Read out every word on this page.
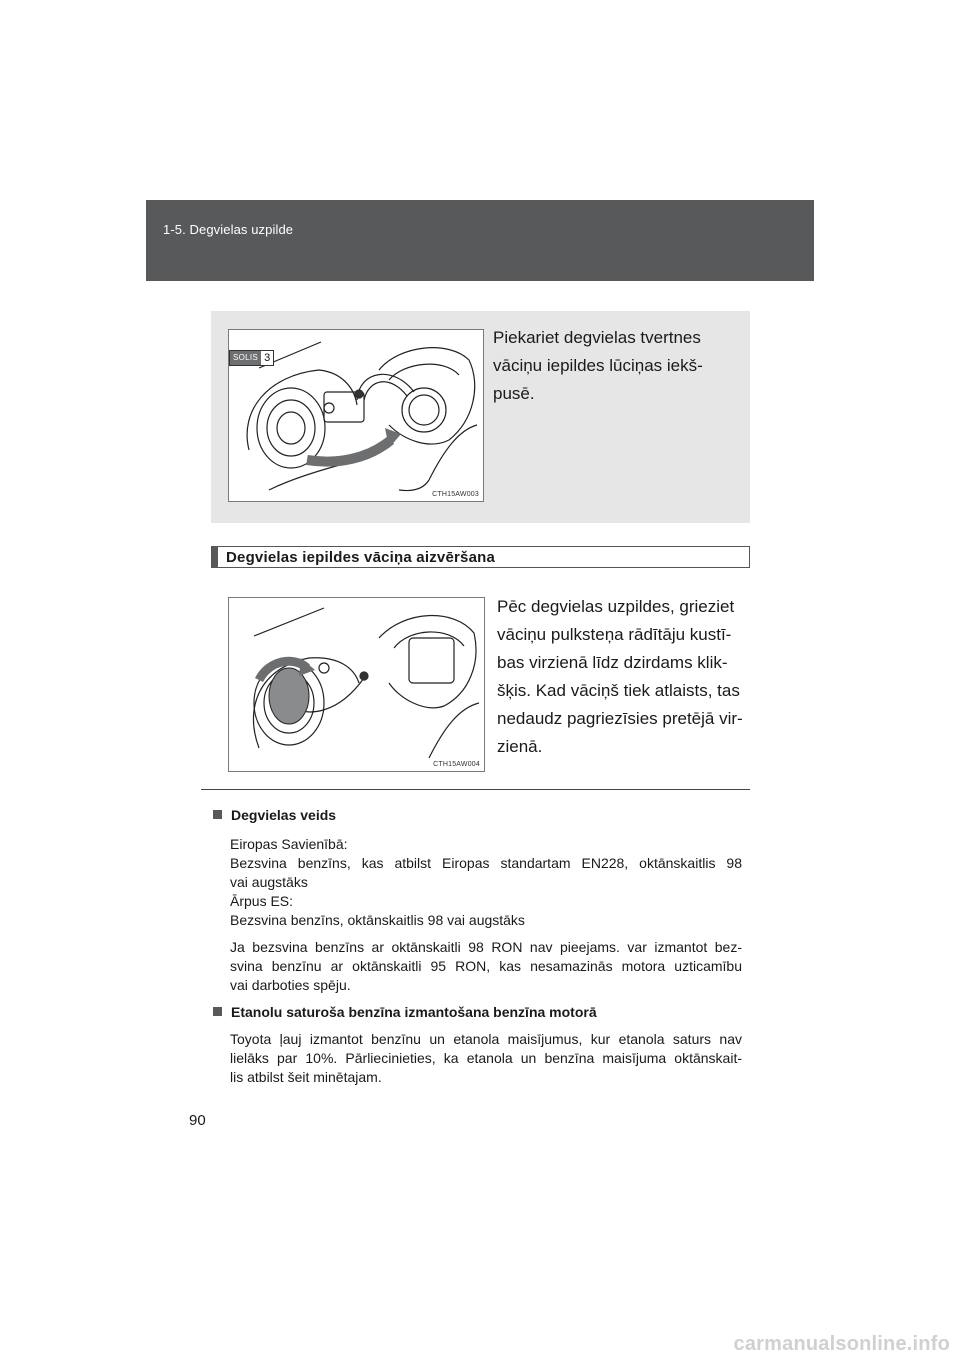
1-5. Degvielas uzpilde
SOLIS 3
CTH15AW003
Piekariet degvielas tvertnes
vāciņu iepildes lūciņas iekš-
pusē.
Degvielas iepildes vāciņa aizvēršana
CTH15AW004
Pēc degvielas uzpildes, grieziet
vāciņu pulksteņa rādītāju kustī-
bas virzienā līdz dzirdams klik-
šķis. Kad vāciņš tiek atlaists, tas
nedaudz pagriezīsies pretējā vir-
zienā.
Degvielas veids
Eiropas Savienībā:
Bezsvina benzīns, kas atbilst Eiropas standartam EN228, oktānskaitlis 98
vai augstāks
Ārpus ES:
Bezsvina benzīns, oktānskaitlis 98 vai augstāks
Ja bezsvina benzīns ar oktānskaitli 98 RON nav pieejams. var izmantot bez-
svina benzīnu ar oktānskaitli 95 RON, kas nesamazinās motora uzticamību
vai darboties spēju.
Etanolu saturoša benzīna izmantošana benzīna motorā
Toyota ļauj izmantot benzīnu un etanola maisījumus, kur etanola saturs nav
lielāks par 10%. Pārliecinieties, ka etanola un benzīna maisījuma oktānskait-
lis atbilst šeit minētajam.
90
carmanualsonline.info
